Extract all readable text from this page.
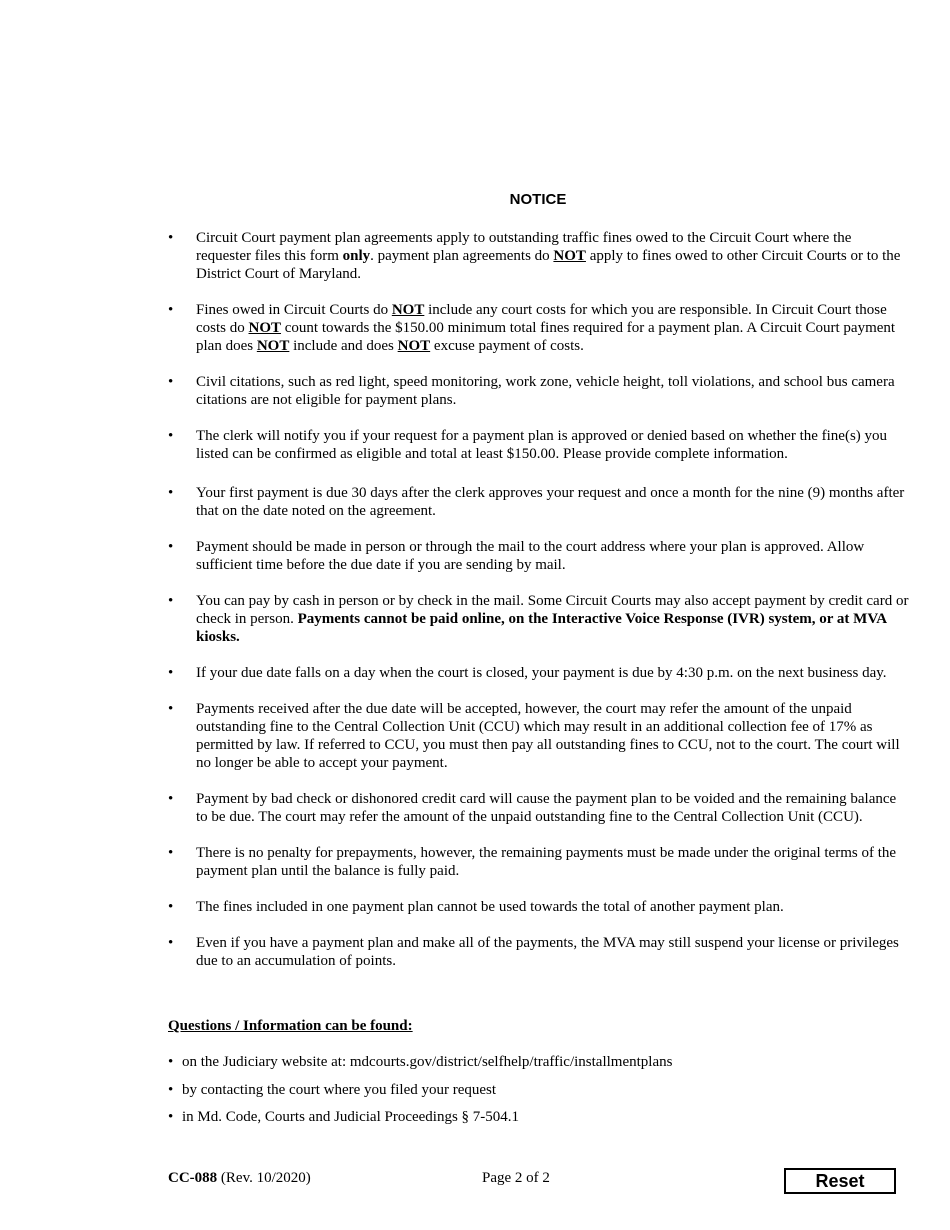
NOTICE
• Circuit Court payment plan agreements apply to outstanding traffic fines owed to the Circuit Court where the requester files this form only. payment plan agreements do NOT apply to fines owed to other Circuit Courts or to the District Court of Maryland.
• Fines owed in Circuit Courts do NOT include any court costs for which you are responsible. In Circuit Court those costs do NOT count towards the $150.00 minimum total fines required for a payment plan. A Circuit Court payment plan does NOT include and does NOT excuse payment of costs.
• Civil citations, such as red light, speed monitoring, work zone, vehicle height, toll violations, and school bus camera citations are not eligible for payment plans.
• The clerk will notify you if your request for a payment plan is approved or denied based on whether the fine(s) you listed can be confirmed as eligible and total at least $150.00. Please provide complete information.
• Your first payment is due 30 days after the clerk approves your request and once a month for the nine (9) months after that on the date noted on the agreement.
• Payment should be made in person or through the mail to the court address where your plan is approved. Allow sufficient time before the due date if you are sending by mail.
• You can pay by cash in person or by check in the mail. Some Circuit Courts may also accept payment by credit card or check in person. Payments cannot be paid online, on the Interactive Voice Response (IVR) system, or at MVA kiosks.
• If your due date falls on a day when the court is closed, your payment is due by 4:30 p.m. on the next business day.
• Payments received after the due date will be accepted, however, the court may refer the amount of the unpaid outstanding fine to the Central Collection Unit (CCU) which may result in an additional collection fee of 17% as permitted by law. If referred to CCU, you must then pay all outstanding fines to CCU, not to the court. The court will no longer be able to accept your payment.
• Payment by bad check or dishonored credit card will cause the payment plan to be voided and the remaining balance to be due. The court may refer the amount of the unpaid outstanding fine to the Central Collection Unit (CCU).
• There is no penalty for prepayments, however, the remaining payments must be made under the original terms of the payment plan until the balance is fully paid.
• The fines included in one payment plan cannot be used towards the total of another payment plan.
• Even if you have a payment plan and make all of the payments, the MVA may still suspend your license or privileges due to an accumulation of points.
Questions / Information can be found:
• on the Judiciary website at: mdcourts.gov/district/selfhelp/traffic/installmentplans
• by contacting the court where you filed your request
• in Md. Code, Courts and Judicial Proceedings § 7-504.1
CC-088 (Rev. 10/2020)	Page 2 of 2	Reset
